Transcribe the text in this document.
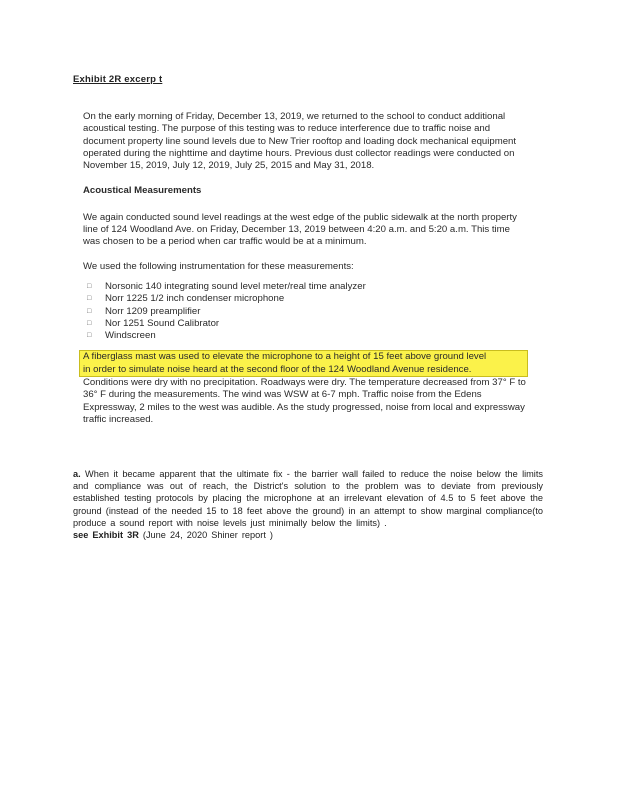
Exhibit 2R excerp t

On the early morning of Friday, December 13, 2019, we returned to the school to conduct additional acoustical testing. The purpose of this testing was to reduce interference due to traffic noise and document property line sound levels due to New Trier rooftop and loading dock mechanical equipment operated during the nighttime and daytime hours. Previous dust collector readings were conducted on November 15, 2019, July 12, 2019, July 25, 2015 and May 31, 2018.

Acoustical Measurements

We again conducted sound level readings at the west edge of the public sidewalk at the north property line of 124 Woodland Ave. on Friday, December 13, 2019 between 4:20 a.m. and 5:20 a.m. This time was chosen to be a period when car traffic would be at a minimum.

We used the following instrumentation for these measurements:

□ Norsonic 140 integrating sound level meter/real time analyzer
□ Norr 1225 1/2 inch condenser microphone
□ Norr 1209 preamplifier
□ Nor 1251 Sound Calibrator
□ Windscreen
A fiberglass mast was used to elevate the microphone to a height of 15 feet above ground level
in order to simulate noise heard at the second floor of the 124 Woodland Avenue residence.

Conditions were dry with no precipitation. Roadways were dry. The temperature decreased from 37° F to 36° F during the measurements. The wind was WSW at 6-7 mph. Traffic noise from the Edens Expressway, 2 miles to the west was audible. As the study progressed, noise from local and expressway traffic increased.

a. When it became apparent that the ultimate fix - the barrier wall failed to reduce the noise below the limits and compliance was out of reach, the District's solution to the problem was to deviate from previously established testing protocols by placing the microphone at an irrelevant elevation of 4.5 to 5 feet above the ground (instead of the needed 15 to 18 feet above the ground) in an attempt to show marginal compliance(to produce a sound report with noise levels just minimally below the limits) .

see Exhibit 3R (June 24, 2020 Shiner report )
